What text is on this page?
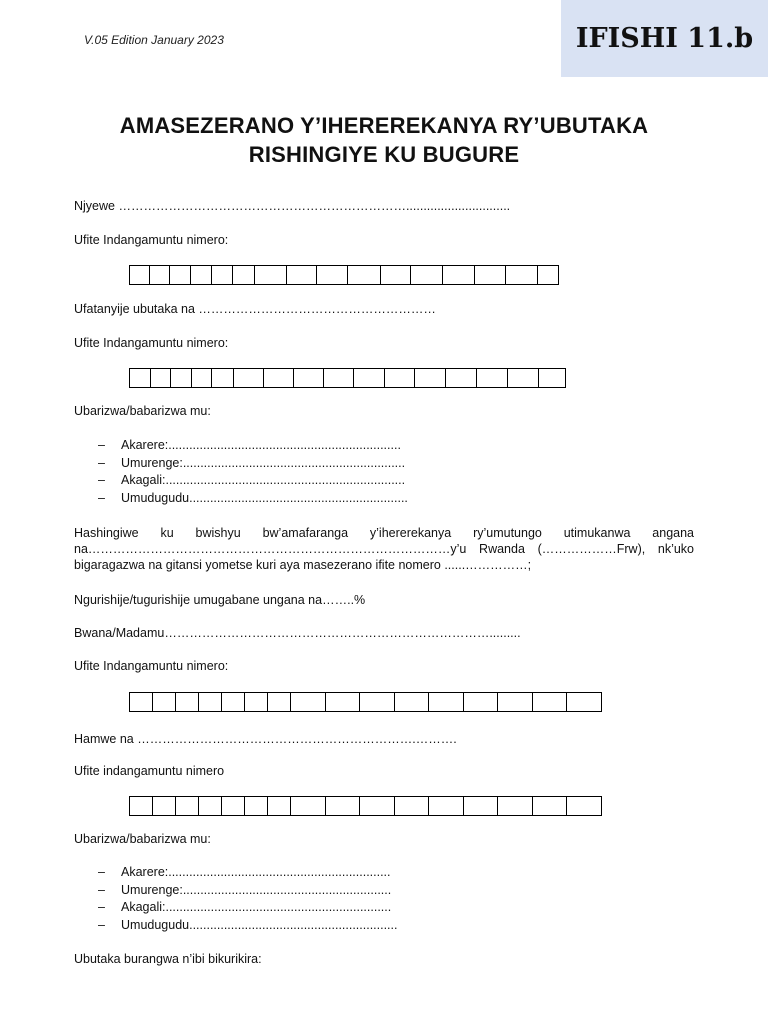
V.05 Edition January 2023	IFISHI 11.b
AMASEZERANO Y’IHEREREKANYA RY’UBUTAKA
RISHINGIYE KU BUGURE
Njyewe ……………………………………………………………..............................
Ufite Indangamuntu nimero:
Ufatanyije ubutaka na …………………………………………………
Ufite Indangamuntu nimero:
Ubarizwa/babarizwa mu:
–	Akarere:...................................................................
–	Umurenge:................................................................
–	Akagali:.....................................................................
–	Umudugudu...............................................................
Hashingiwe ku bwishyu bw’amafaranga y’ihererekanya ry’umutungo utimukanwa angana
na……………………………………………………………………………y’u Rwanda (………………Frw), nk’uko
bigaragazwa na gitansi yometse kuri aya masezerano ifite nomero ......……………;
Ngurishije/tugurishije umugabane ungana na……..%
Bwana/Madamu…………………………………………………………………….........
Ufite Indangamuntu nimero:
Hamwe na ………………………………………………………….……….
Ufite indangamuntu nimero
Ubarizwa/babarizwa mu:
–	Akarere:................................................................
–	Umurenge:............................................................
–	Akagali:.................................................................
–	Umudugudu............................................................
Ubutaka burangwa n’ibi bikurikira:
